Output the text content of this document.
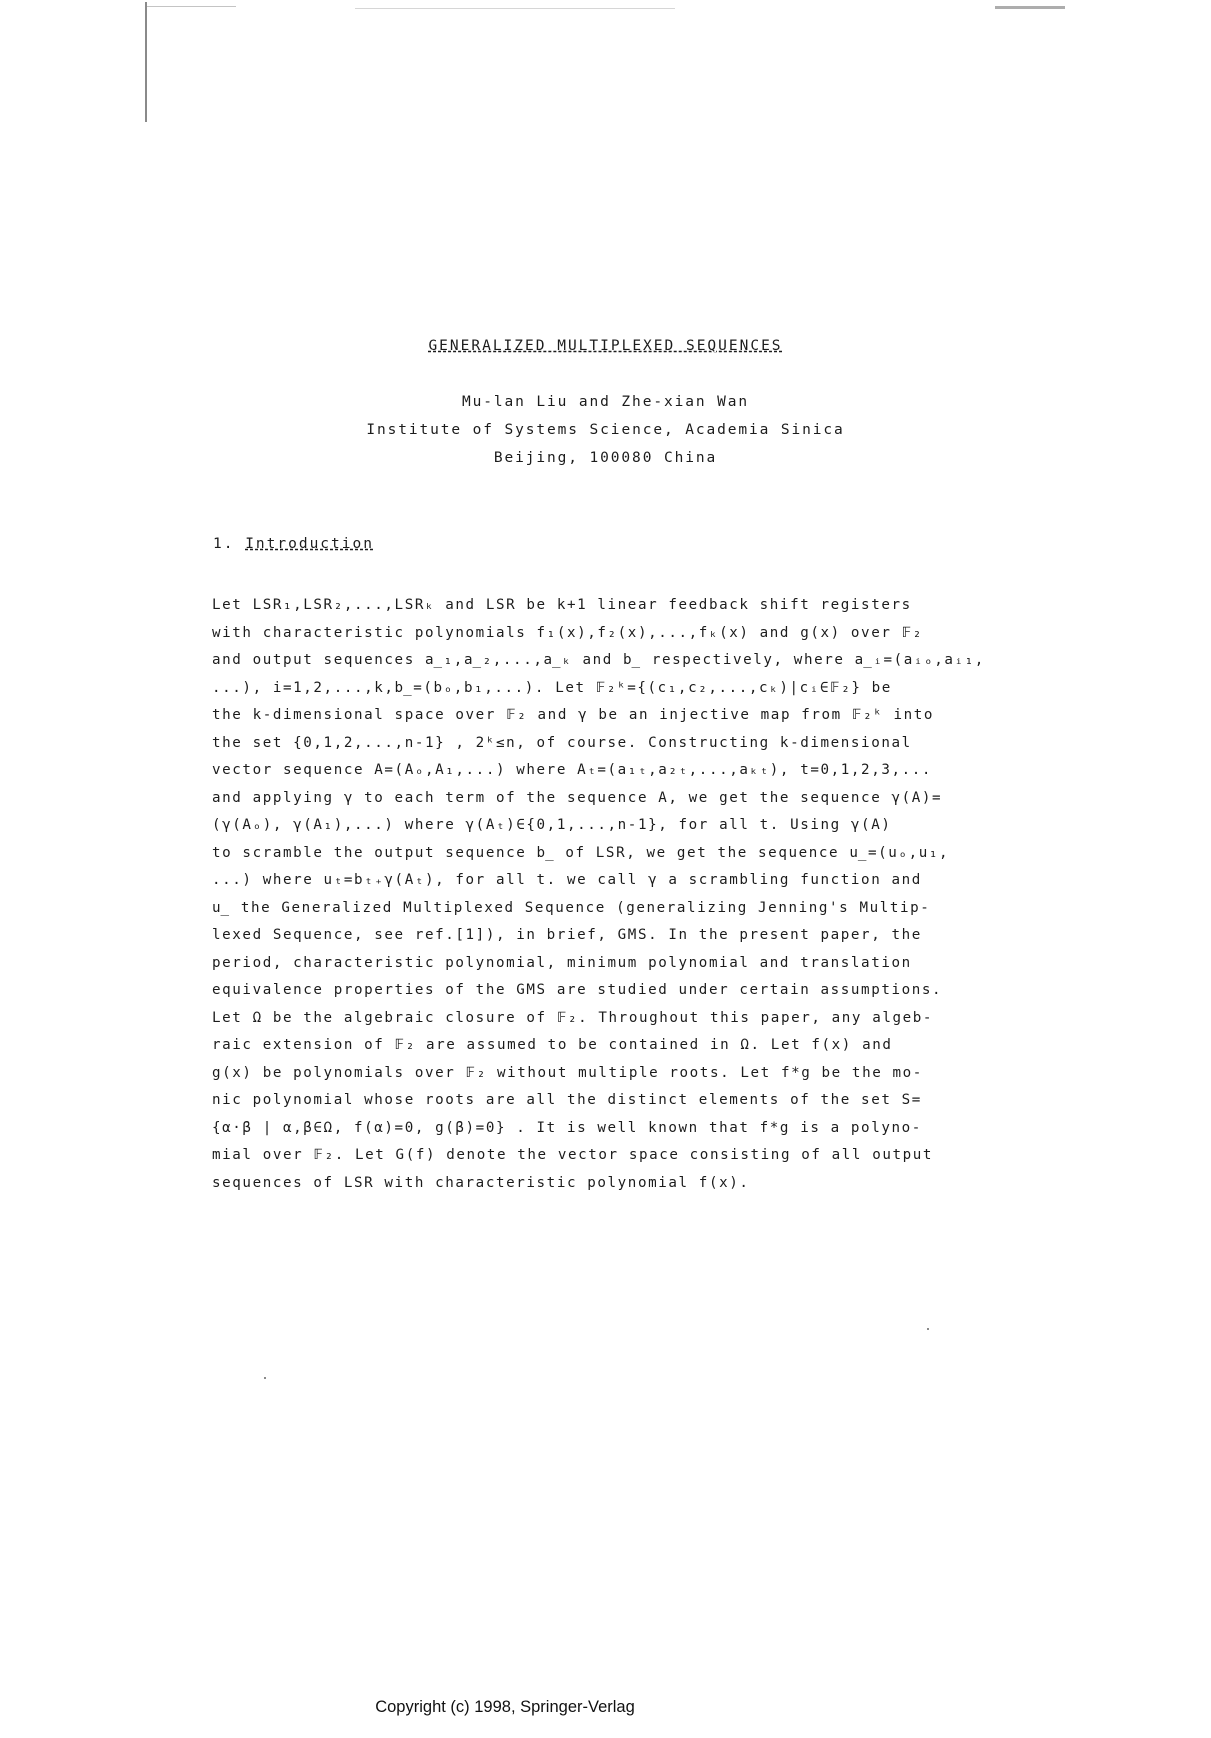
GENERALIZED MULTIPLEXED SEQUENCES
Mu-lan Liu and Zhe-xian Wan
Institute of Systems Science, Academia Sinica
Beijing, 100080 China
1. Introduction
Let LSR₁,LSR₂,...,LSRₖ and LSR be k+1 linear feedback shift registers
with characteristic polynomials f₁(x),f₂(x),...,fₖ(x) and g(x) over 𝔽₂
and output sequences a̲₁,a̲₂,...,a̲ₖ and b̲ respectively, where a̲ᵢ=(aᵢₒ,aᵢ₁,
...), i=1,2,...,k,b̲=(bₒ,b₁,...). Let 𝔽₂ᵏ={(c₁,c₂,...,cₖ)|cᵢ∈𝔽₂} be
the k-dimensional space over 𝔽₂ and γ be an injective map from 𝔽₂ᵏ into
the set {0,1,2,...,n-1} , 2ᵏ≤n, of course. Constructing k-dimensional
vector sequence A=(Aₒ,A₁,...) where Aₜ=(a₁ₜ,a₂ₜ,...,aₖₜ), t=0,1,2,3,...
and applying γ to each term of the sequence A, we get the sequence γ(A)=
(γ(Aₒ), γ(A₁),...) where γ(Aₜ)∈{0,1,...,n-1}, for all t. Using γ(A)
to scramble the output sequence b̲ of LSR, we get the sequence u̲=(uₒ,u₁,
...) where uₜ=bₜ₊γ(Aₜ), for all t. we call γ a scrambling function and
u̲ the Generalized Multiplexed Sequence (generalizing Jenning's Multip-
lexed Sequence, see ref.[1]), in brief, GMS. In the present paper, the
period, characteristic polynomial, minimum polynomial and translation
equivalence properties of the GMS are studied under certain assumptions.
Let Ω be the algebraic closure of 𝔽₂. Throughout this paper, any algeb-
raic extension of 𝔽₂ are assumed to be contained in Ω. Let f(x) and
g(x) be polynomials over 𝔽₂ without multiple roots. Let f*g be the mo-
nic polynomial whose roots are all the distinct elements of the set S=
{α·β | α,β∈Ω, f(α)=0, g(β)=0} . It is well known that f*g is a polyno-
mial over 𝔽₂. Let G(f) denote the vector space consisting of all output
sequences of LSR with characteristic polynomial f(x).
Copyright (c) 1998, Springer-Verlag
